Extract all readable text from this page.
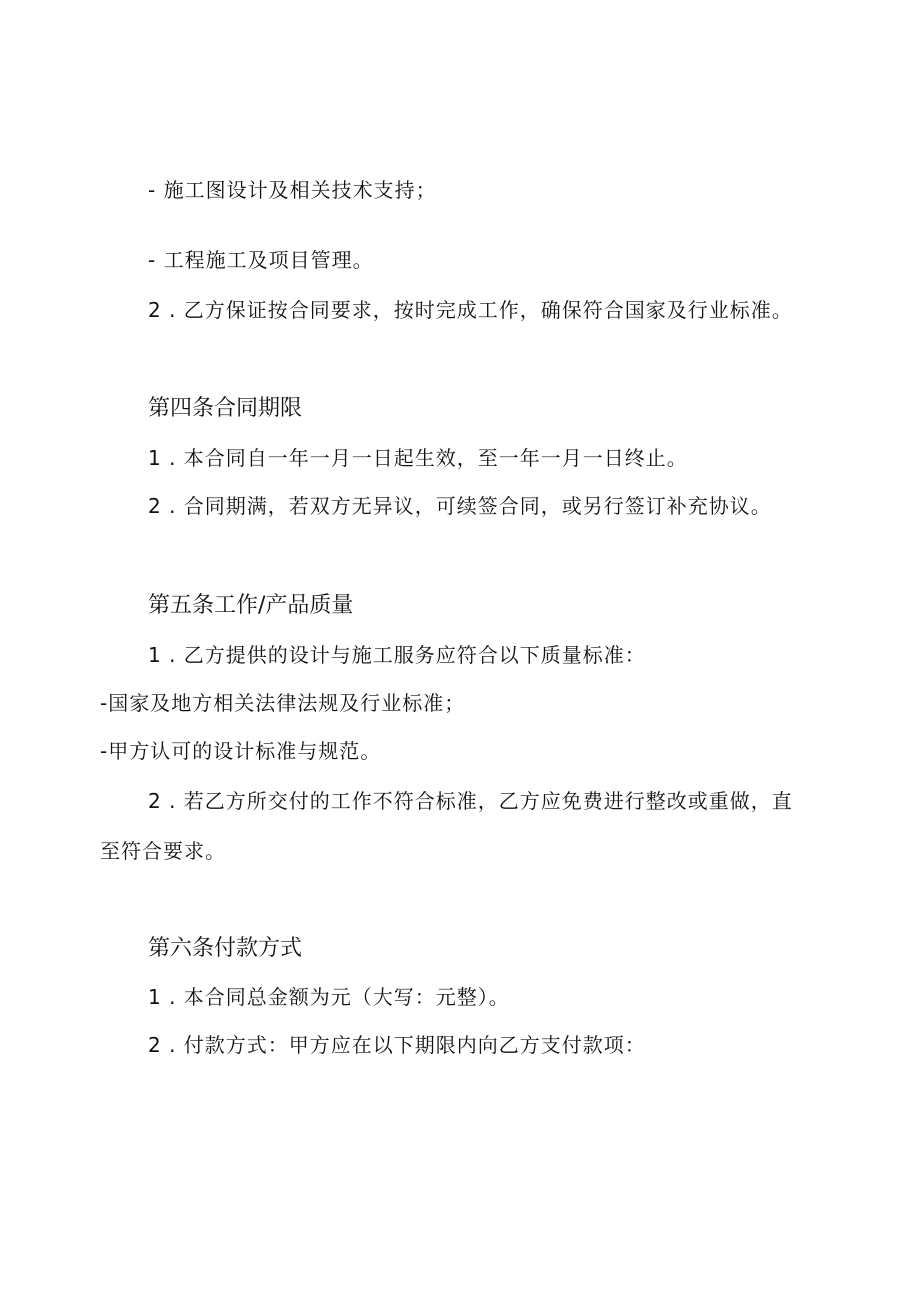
- 施工图设计及相关技术支持；
- 工程施工及项目管理。
2 . 乙方保证按合同要求，按时完成工作，确保符合国家及行业标准。
第四条合同期限
1 . 本合同自一年一月一日起生效，至一年一月一日终止。
2 . 合同期满，若双方无异议，可续签合同，或另行签订补充协议。
第五条工作/产品质量
1 . 乙方提供的设计与施工服务应符合以下质量标准：
-国家及地方相关法律法规及行业标准；
-甲方认可的设计标准与规范。
2 . 若乙方所交付的工作不符合标准，乙方应免费进行整改或重做，直
至符合要求。
第六条付款方式
1 . 本合同总金额为元（大写：元整）。
2 . 付款方式：甲方应在以下期限内向乙方支付款项：
